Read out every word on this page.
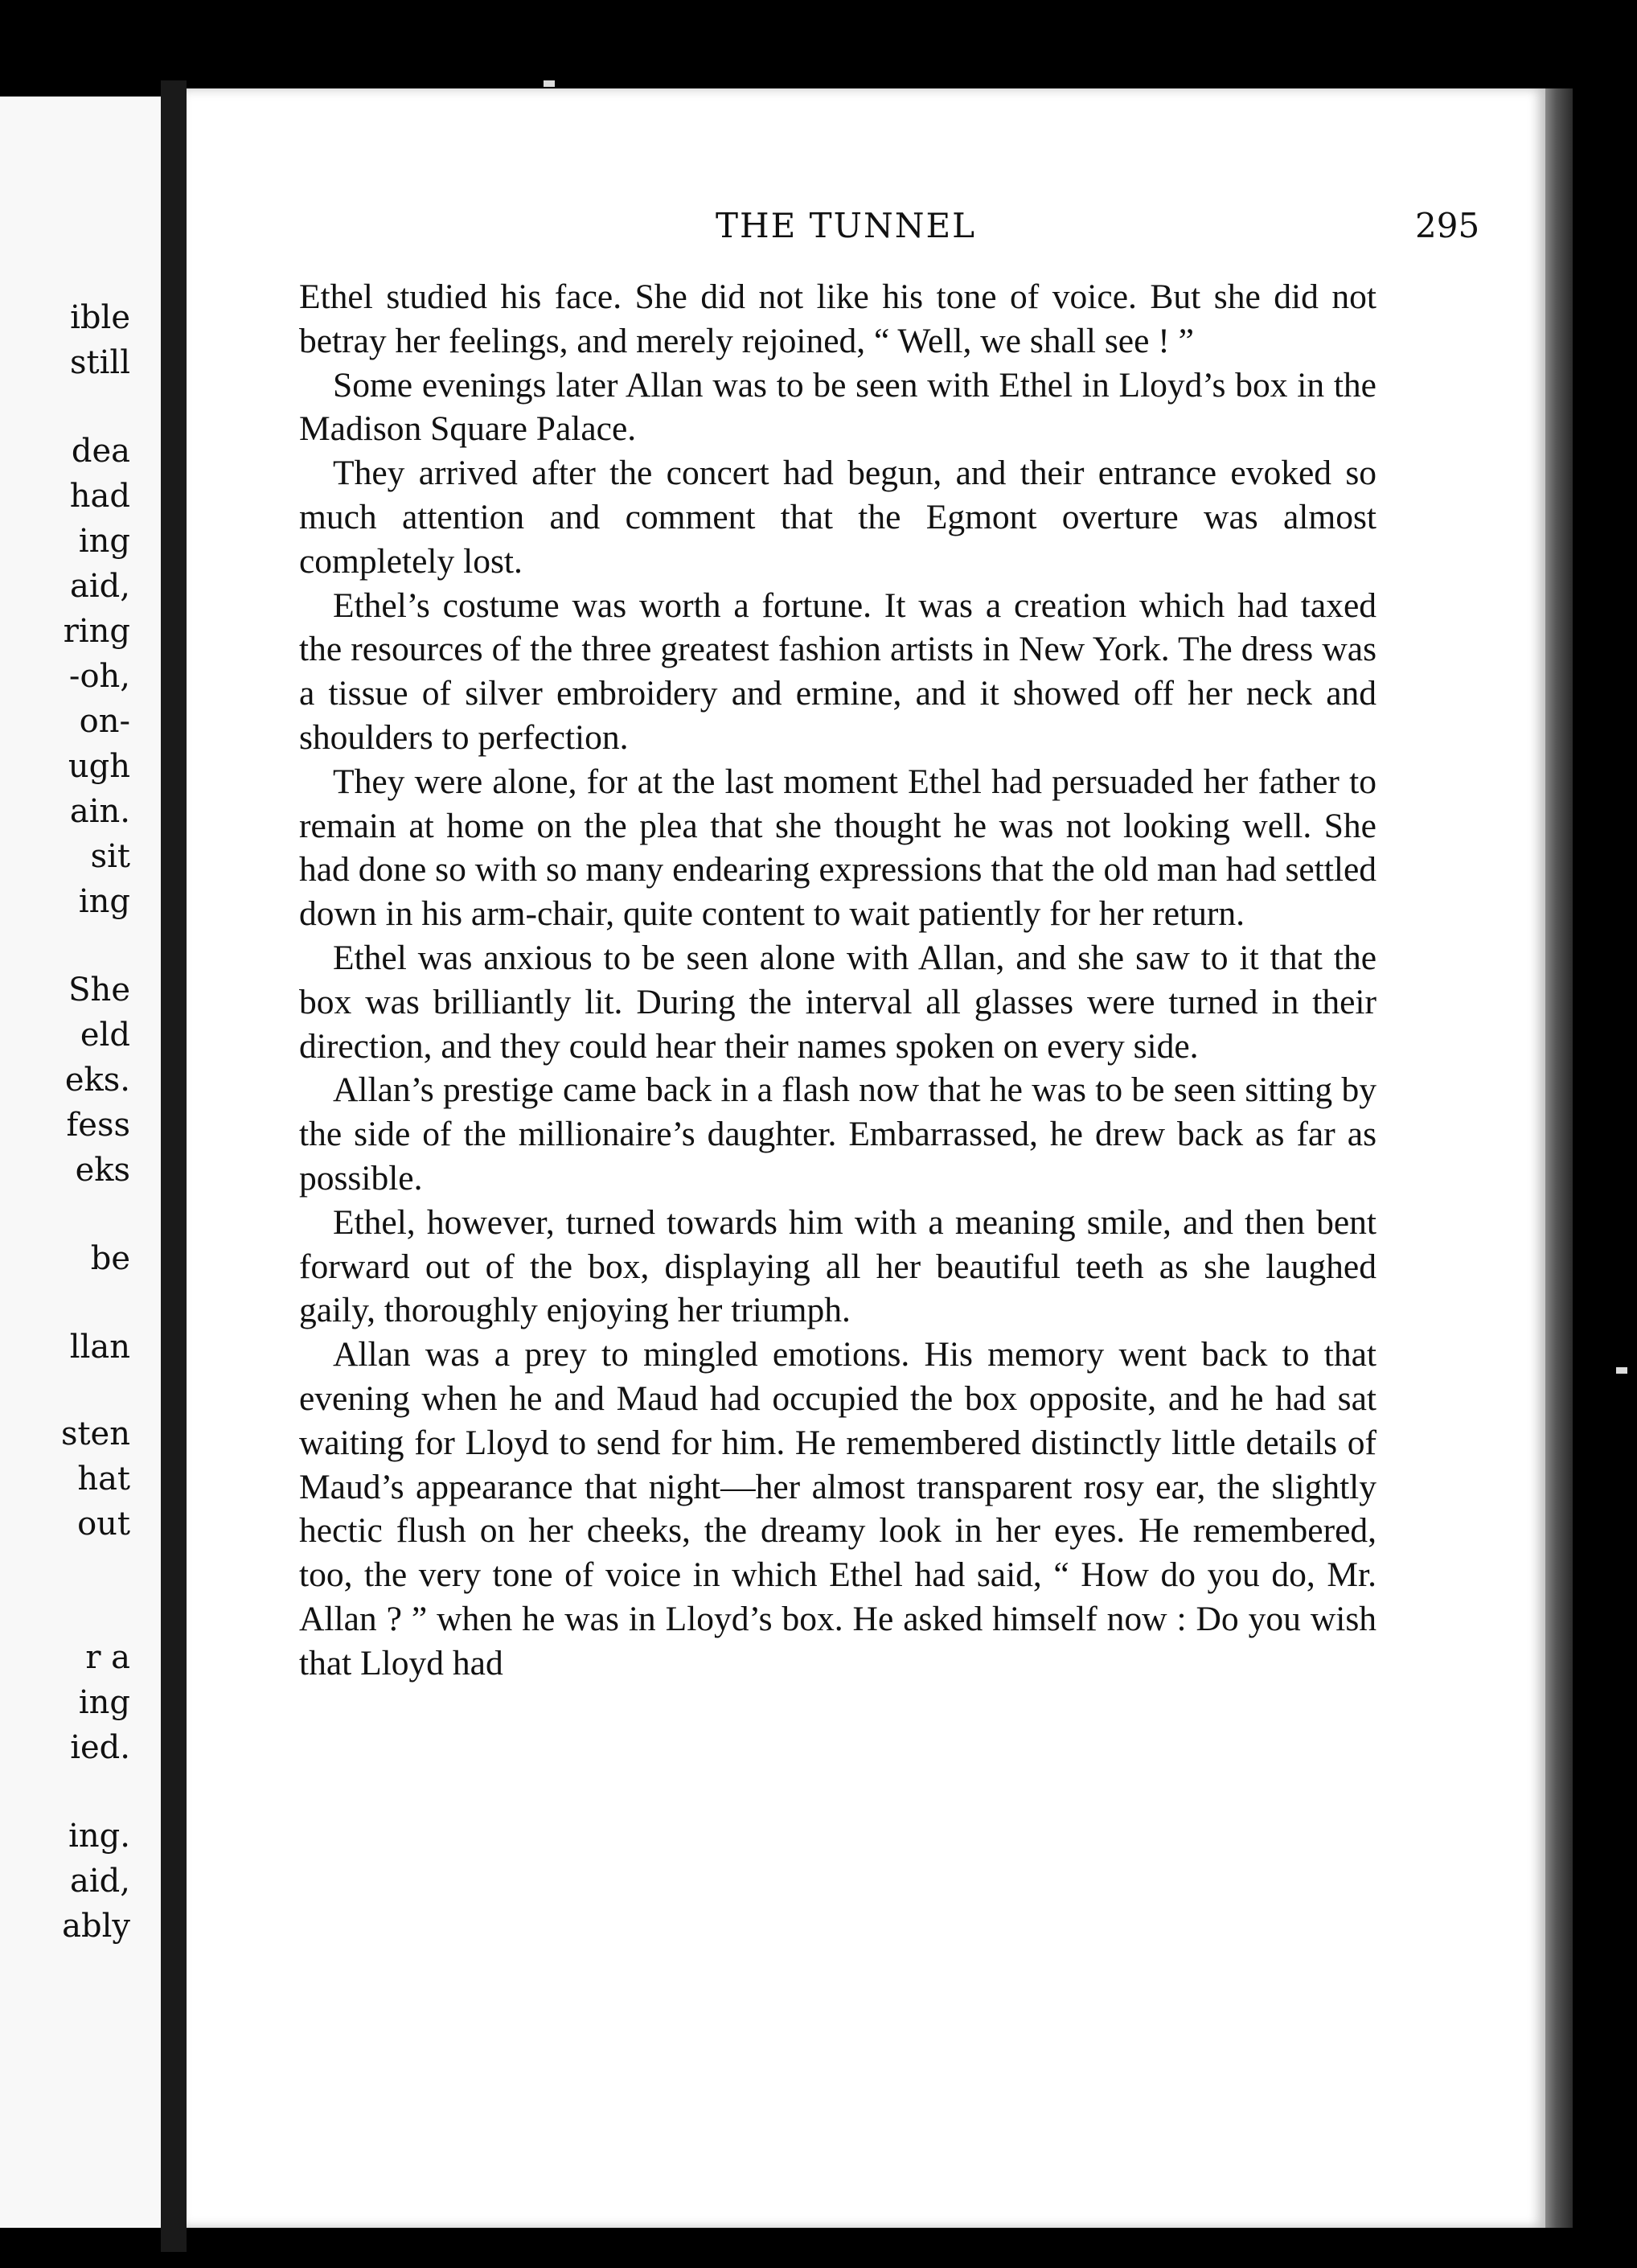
ible
still
dea
had
ing
aid,
ring
-oh,
on-
ugh
ain.
sit
ing
She
eld
eks.
fess
eks
be
llan
sten
hat
out
r a
ing
ied.
ing.
aid,
ably
THE TUNNEL	295

Ethel studied his face. She did not like his tone of voice. But she did not betray her feelings, and merely rejoined, “ Well, we shall see ! ”

Some evenings later Allan was to be seen with Ethel in Lloyd’s box in the Madison Square Palace.

They arrived after the concert had begun, and their entrance evoked so much attention and comment that the Egmont overture was almost completely lost.

Ethel’s costume was worth a fortune. It was a creation which had taxed the resources of the three greatest fashion artists in New York. The dress was a tissue of silver embroidery and ermine, and it showed off her neck and shoulders to perfection.

They were alone, for at the last moment Ethel had persuaded her father to remain at home on the plea that she thought he was not looking well. She had done so with so many endearing expressions that the old man had settled down in his arm-chair, quite content to wait patiently for her return.

Ethel was anxious to be seen alone with Allan, and she saw to it that the box was brilliantly lit. During the interval all glasses were turned in their direction, and they could hear their names spoken on every side.

Allan’s prestige came back in a flash now that he was to be seen sitting by the side of the millionaire’s daughter. Embarrassed, he drew back as far as possible.

Ethel, however, turned towards him with a meaning smile, and then bent forward out of the box, displaying all her beautiful teeth as she laughed gaily, thoroughly enjoying her triumph.

Allan was a prey to mingled emotions. His memory went back to that evening when he and Maud had occupied the box opposite, and he had sat waiting for Lloyd to send for him. He remembered distinctly little details of Maud’s appearance that night—her almost transparent rosy ear, the slightly hectic flush on her cheeks, the dreamy look in her eyes. He remembered, too, the very tone of voice in which Ethel had said, “ How do you do, Mr. Allan ? ” when he was in Lloyd’s box. He asked himself now : Do you wish that Lloyd had
